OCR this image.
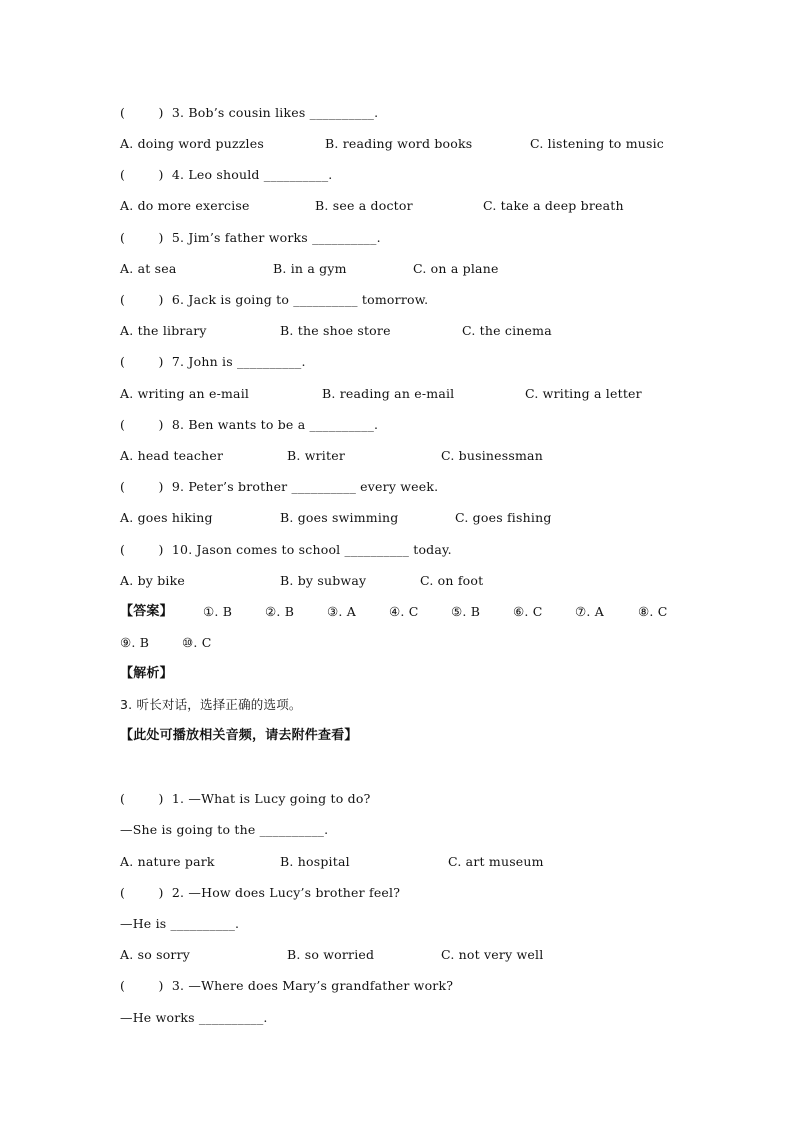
(        )  3. Bob’s cousin likes __________.

A. doing word puzzles

	B. reading word books

	C. listening to music

(        )  4. Leo should __________.

A. do more exercise

	B. see a doctor

	C. take a deep breath

(        )  5. Jim’s father works __________.

A. at sea

	B. in a gym

	C. on a plane

(        )  6. Jack is going to __________ tomorrow.

A. the library

	B. the shoe store

	C. the cinema

(        )  7. John is __________.

A. writing an e-mail

	B. reading an e-mail

	C. writing a letter

(        )  8. Ben wants to be a __________.

A. head teacher

	B. writer

	C. businessman

(        )  9. Peter’s brother __________ every week.

A. goes hiking

	B. goes swimming

	C. goes fishing

(        )  10. Jason comes to school __________ today.

A. by bike

	B. by subway

	C. on foot

【答案】

①. B

	②. B

	③. A

	④. C

	⑤. B

	⑥. C

	⑦. A

	⑧. C

⑨. B

	⑩. C

【解析】
3. 听长对话，选择正确的选项。
【此处可播放相关音频，请去附件查看】
(        )  1. —What is Lucy going to do?
—She is going to the __________.

A. nature park

	B. hospital

	C. art museum

(        )  2. —How does Lucy’s brother feel?
—He is __________.

A. so sorry

	B. so worried

	C. not very well

(        )  3. —Where does Mary’s grandfather work?
—He works __________.
